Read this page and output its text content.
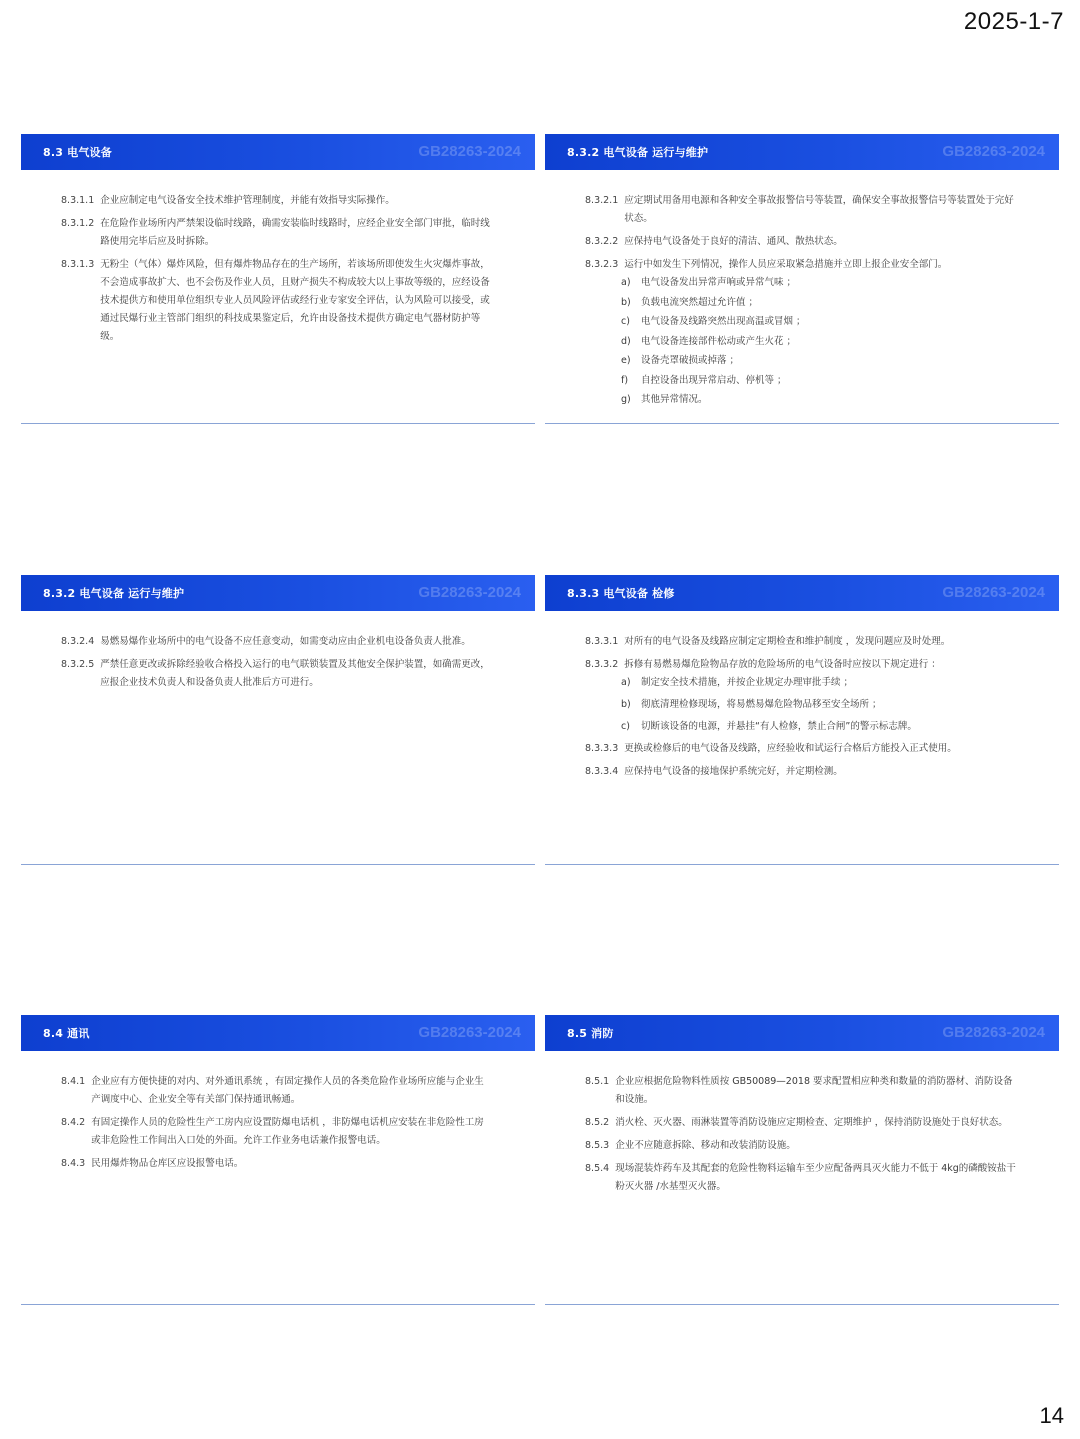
2025-1-7
8.3 电气设备	GB28263-2024
8.3.1.1 企业应制定电气设备安全技术维护管理制度，并能有效指导实际操作。
8.3.1.2 在危险作业场所内严禁架设临时线路，确需安装临时线路时，应经企业安全部门审批，临时线路使用完毕后应及时拆除。
8.3.1.3 无粉尘（气体）爆炸风险，但有爆炸物品存在的生产场所，若该场所即使发生火灾爆炸事故，不会造成事故扩大、也不会伤及作业人员，且财产损失不构成较大以上事故等级的，应经设备技术提供方和使用单位组织专业人员风险评估或经行业专家安全评估，认为风险可以接受，或通过民爆行业主管部门组织的科技成果鉴定后，允许由设备技术提供方确定电气器材防护等级。
8.3.2 电气设备 运行与维护	GB28263-2024
8.3.2.1 应定期试用备用电源和各种安全事故报警信号等装置，确保安全事故报警信号等装置处于完好状态。
8.3.2.2 应保持电气设备处于良好的清洁、通风、散热状态。
8.3.2.3 运行中如发生下列情况，操作人员应采取紧急措施并立即上报企业安全部门。
a)	电气设备发出异常声响或异常气味 ；
b)	负载电流突然超过允许值 ；
c)	电气设备及线路突然出现高温或冒烟 ；
d)	电气设备连接部件松动或产生火花 ；
e)	设备壳罩破损或掉落 ；
f)	自控设备出现异常启动、停机等 ；
g)	其他异常情况。
8.3.2 电气设备 运行与维护	GB28263-2024
8.3.2.4 易燃易爆作业场所中的电气设备不应任意变动，如需变动应由企业机电设备负责人批准。
8.3.2.5 严禁任意更改或拆除经验收合格投入运行的电气联锁装置及其他安全保护装置，如确需更改，应报企业技术负责人和设备负责人批准后方可进行。
8.3.3 电气设备 检修	GB28263-2024
8.3.3.1 对所有的电气设备及线路应制定定期检查和维护制度 ，发现问题应及时处理。
8.3.3.2 拆修有易燃易爆危险物品存放的危险场所的电气设备时应按以下规定进行 ：
a)	制定安全技术措施，并按企业规定办理审批手续 ；
b)	彻底清理检修现场，将易燃易爆危险物品移至安全场所 ；
c)	切断该设备的电源，并悬挂“有人检修，禁止合闸”的警示标志牌。
8.3.3.3 更换或检修后的电气设备及线路，应经验收和试运行合格后方能投入正式使用。
8.3.3.4 应保持电气设备的接地保护系统完好，并定期检测。
8.4 通讯	GB28263-2024
8.4.1 企业应有方便快捷的对内、对外通讯系统 ，有固定操作人员的各类危险作业场所应能与企业生产调度中心、企业安全等有关部门保持通讯畅通。
8.4.2 有固定操作人员的危险性生产工房内应设置防爆电话机 ，非防爆电话机应安装在非危险性工房或非危险性工作间出入口处的外面。允许工作业务电话兼作报警电话。
8.4.3 民用爆炸物品仓库区应设报警电话。
8.5 消防	GB28263-2024
8.5.1 企业应根据危险物料性质按 GB50089—2018 要求配置相应种类和数量的消防器材、消防设备和设施。
8.5.2 消火栓、灭火器、雨淋装置等消防设施应定期检查、定期维护 ，保持消防设施处于良好状态。
8.5.3 企业不应随意拆除、移动和改装消防设施。
8.5.4 现场混装炸药车及其配套的危险性物料运输车至少应配备两具灭火能力不低于 4kg的磷酸铵盐干粉灭火器 /水基型灭火器。
14
